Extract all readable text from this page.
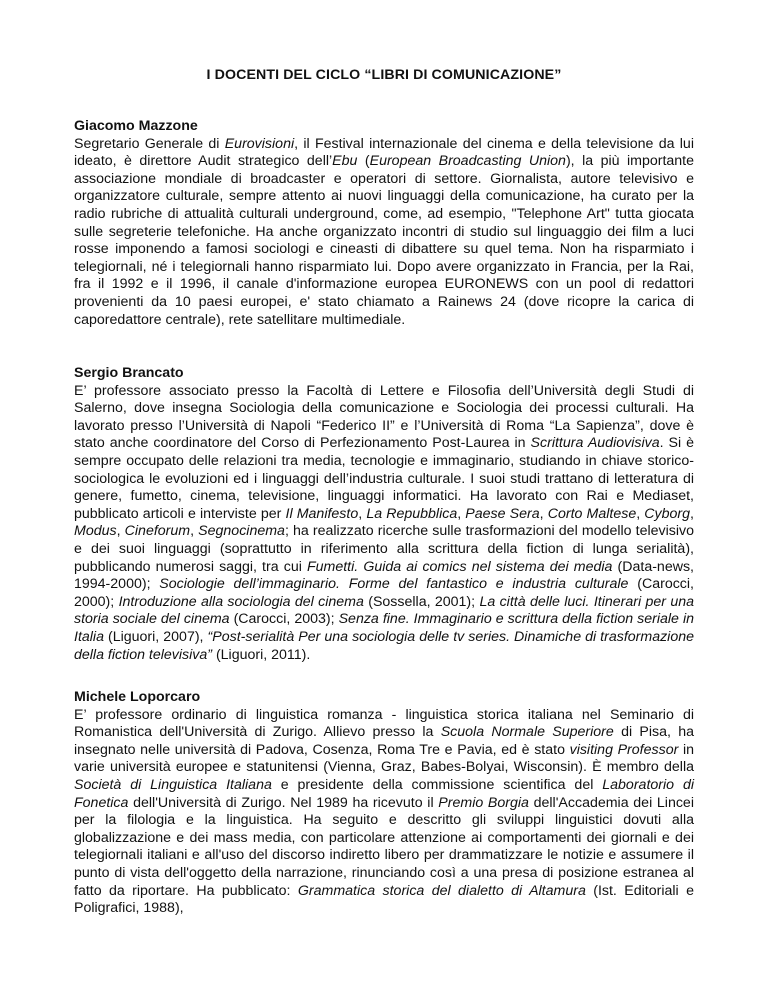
I DOCENTI DEL CICLO “LIBRI DI COMUNICAZIONE”
Giacomo Mazzone
Segretario Generale di Eurovisioni, il Festival internazionale del cinema e della televisione da lui ideato, è direttore Audit strategico dell’Ebu (European Broadcasting Union), la più importante associazione mondiale di broadcaster e operatori di settore. Giornalista, autore televisivo e organizzatore culturale, sempre attento ai nuovi linguaggi della comunicazione, ha curato per la radio rubriche di attualità culturali underground, come, ad esempio, "Telephone Art" tutta giocata sulle segreterie telefoniche. Ha anche organizzato incontri di studio sul linguaggio dei film a luci rosse imponendo a famosi sociologi e cineasti di dibattere su quel tema. Non ha risparmiato i telegiornali, né i telegiornali hanno risparmiato lui. Dopo avere organizzato in Francia, per la Rai, fra il 1992 e il 1996, il canale d'informazione europea EURONEWS con un pool di redattori provenienti da 10 paesi europei, e' stato chiamato a Rainews 24 (dove ricopre la carica di caporedattore centrale), rete satellitare multimediale.
Sergio Brancato
E’ professore associato presso la Facoltà di Lettere e Filosofia dell’Università degli Studi di Salerno, dove insegna Sociologia della comunicazione e Sociologia dei processi culturali. Ha lavorato presso l’Università di Napoli “Federico II” e l’Università di Roma “La Sapienza”, dove è stato anche coordinatore del Corso di Perfezionamento Post-Laurea in Scrittura Audiovisiva. Si è sempre occupato delle relazioni tra media, tecnologie e immaginario, studiando in chiave storico-sociologica le evoluzioni ed i linguaggi dell’industria culturale. I suoi studi trattano di letteratura di genere, fumetto, cinema, televisione, linguaggi informatici. Ha lavorato con Rai e Mediaset, pubblicato articoli e interviste per Il Manifesto, La Repubblica, Paese Sera, Corto Maltese, Cyborg, Modus, Cineforum, Segnocinema; ha realizzato ricerche sulle trasformazioni del modello televisivo e dei suoi linguaggi (soprattutto in riferimento alla scrittura della fiction di lunga serialità), pubblicando numerosi saggi, tra cui Fumetti. Guida ai comics nel sistema dei media (Data-news, 1994-2000); Sociologie dell’immaginario. Forme del fantastico e industria culturale (Carocci, 2000); Introduzione alla sociologia del cinema (Sossella, 2001); La città delle luci. Itinerari per una storia sociale del cinema (Carocci, 2003); Senza fine. Immaginario e scrittura della fiction seriale in Italia (Liguori, 2007), “Post-serialità Per una sociologia delle tv series. Dinamiche di trasformazione della fiction televisiva” (Liguori, 2011).
Michele Loporcaro
E’ professore ordinario di linguistica romanza - linguistica storica italiana nel Seminario di Romanistica dell'Università di Zurigo. Allievo presso la Scuola Normale Superiore di Pisa, ha insegnato nelle università di Padova, Cosenza, Roma Tre e Pavia, ed è stato visiting Professor in varie università europee e statunitensi (Vienna, Graz, Babes-Bolyai, Wisconsin). È membro della Società di Linguistica Italiana e presidente della commissione scientifica del Laboratorio di Fonetica dell'Università di Zurigo. Nel 1989 ha ricevuto il Premio Borgia dell'Accademia dei Lincei per la filologia e la linguistica. Ha seguito e descritto gli sviluppi linguistici dovuti alla globalizzazione e dei mass media, con particolare attenzione ai comportamenti dei giornali e dei telegiornali italiani e all'uso del discorso indiretto libero per drammatizzare le notizie e assumere il punto di vista dell'oggetto della narrazione, rinunciando così a una presa di posizione estranea al fatto da riportare. Ha pubblicato: Grammatica storica del dialetto di Altamura (Ist. Editoriali e Poligrafici, 1988),
